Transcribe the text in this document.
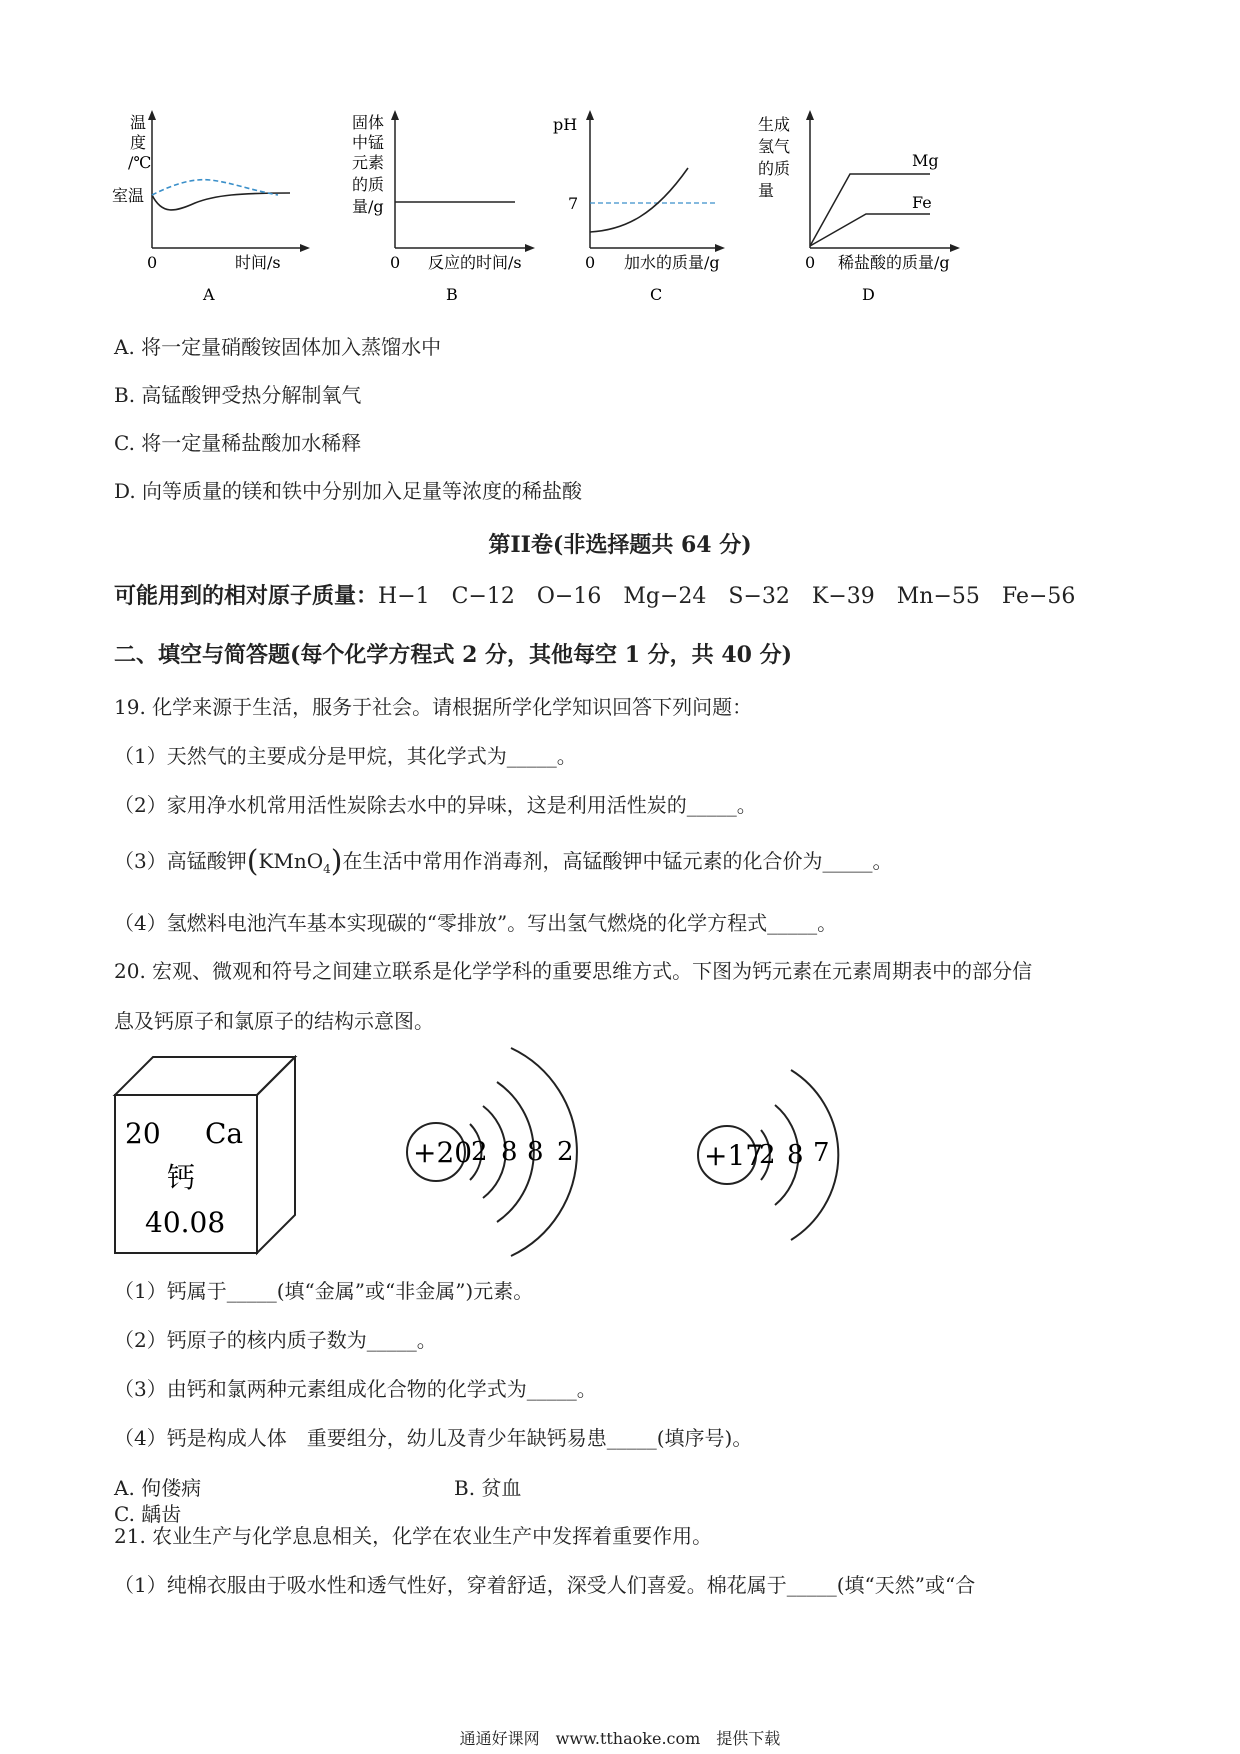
温
度
/℃
室温
0	时间/s
A
固体
中锰
元素
的质
量/g
0 反应的时间/s
B
pH
7
0 加水的质量/g
C
生成
氢气
的质
量
Mg
Fe
0 稀盐酸的质量/g
D
A. 将一定量硝酸铵固体加入蒸馏水中
B. 高锰酸钾受热分解制氧气
C. 将一定量稀盐酸加水稀释
D. 向等质量的镁和铁中分别加入足量等浓度的稀盐酸
第II卷(非选择题共 64 分)
可能用到的相对原子质量：H−1　C−12　O−16　Mg−24　S−32　K−39　Mn−55　Fe−56
二、填空与简答题(每个化学方程式 2 分，其他每空 1 分，共 40 分)
19. 化学来源于生活，服务于社会。请根据所学化学知识回答下列问题：
（1）天然气的主要成分是甲烷，其化学式为_____。
（2）家用净水机常用活性炭除去水中的异味，这是利用活性炭的_____。
（3）高锰酸钾(KMnO$_4$)在生活中常用作消毒剂，高锰酸钾中锰元素的化合价为_____。
（4）氢燃料电池汽车基本实现碳的“零排放”。写出氢气燃烧的化学方程式_____。
20. 宏观、微观和符号之间建立联系是化学学科的重要思维方式。下图为钙元素在元素周期表中的部分信
息及钙原子和氯原子的结构示意图。
20 Ca
钙
40.08
+20
2 8 8 2	+17
2 8 7
（1）钙属于_____(填“金属”或“非金属”)元素。
（2）钙原子的核内质子数为_____。
（3）由钙和氯两种元素组成化合物的化学式为_____。
（4）钙是构成人体　重要组分，幼儿及青少年缺钙易患_____(填序号)。
A. 佝偻病	B. 贫血C. 龋齿
21. 农业生产与化学息息相关，化学在农业生产中发挥着重要作用。
（1）纯棉衣服由于吸水性和透气性好，穿着舒适，深受人们喜爱。棉花属于_____(填“天然”或“合
通通好课网　www.tthaoke.com　提供下载
